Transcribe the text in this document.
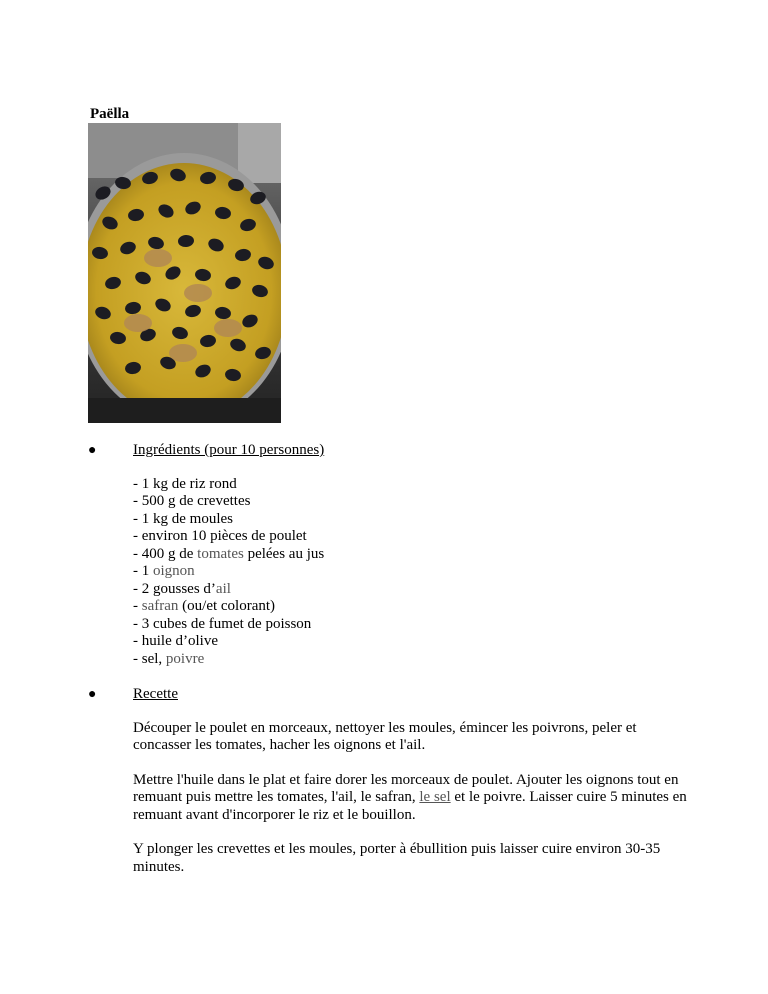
Paëlla
● Ingrédients (pour 10 personnes)

- 1 kg de riz rond
- 500 g de crevettes
- 1 kg de moules
- environ 10 pièces de poulet
- 400 g de tomates pelées au jus
- 1 oignon
- 2 gousses d’ail
- safran (ou/et colorant)
- 3 cubes de fumet de poisson
- huile d’olive
- sel, poivre
● Recette

Découper le poulet en morceaux, nettoyer les moules, émincer les poivrons, peler et concasser les tomates, hacher les oignons et l'ail.

Mettre l'huile dans le plat et faire dorer les morceaux de poulet. Ajouter les oignons tout en remuant puis mettre les tomates, l'ail, le safran, le sel et le poivre. Laisser cuire 5 minutes en remuant avant d'incorporer le riz et le bouillon.

Y plonger les crevettes et les moules, porter à ébullition puis laisser cuire environ 30-35 minutes.
